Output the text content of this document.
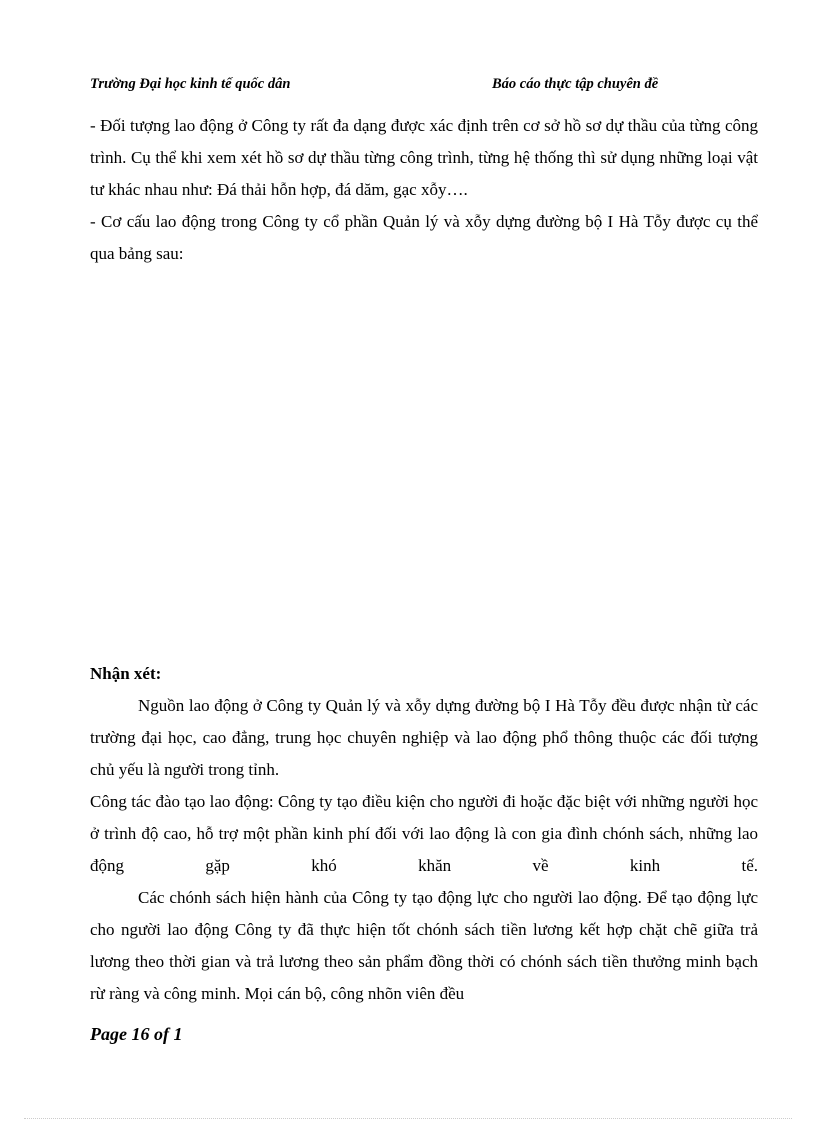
Trường Đại học kinh tế quốc dân	Báo cáo thực tập chuyên đề

- Đối tượng lao động ở Công ty rất đa dạng được xác định trên cơ sở hồ sơ dự thầu của từng công trình. Cụ thể khi xem xét hồ sơ dự thầu từng công trình, từng hệ thống thì sử dụng những loại vật tư khác nhau như: Đá thải hỗn hợp, đá dăm, gạc xỗy….

- Cơ cấu lao động trong Công ty cổ phần Quản lý và xỗy dựng đường bộ I Hà Tỗy được cụ thể qua bảng sau:

Nhận xét:

Nguồn lao động ở Công ty Quản lý và xỗy dựng đường bộ I Hà Tỗy đều được nhận từ các trường đại học, cao đẳng, trung học chuyên nghiệp và lao động phổ thông thuộc các đối tượng chủ yếu là người trong tỉnh.

Công tác đào tạo lao động: Công ty tạo điều kiện cho người đi hoặc đặc biệt với những người học ở trình độ cao, hỗ trợ một phần kinh phí đối với lao động là con gia đình chónh sách, những lao động gặp khó khăn về kinh tế.

Các chónh sách hiện hành của Công ty tạo động lực cho người lao động. Để tạo động lực cho người lao động Công ty đã thực hiện tốt chónh sách tiền lương kết hợp chặt chẽ giữa trả lương theo thời gian và trả lương theo sản phẩm đồng thời có chónh sách tiền thưởng minh bạch rừ ràng và công minh. Mọi cán bộ, công nhõn viên đều

Page 16 of 1
